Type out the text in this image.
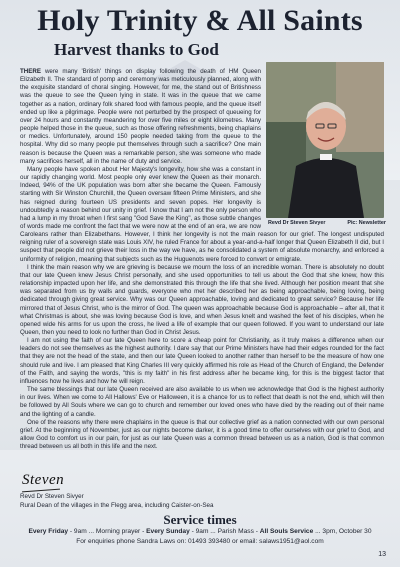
Holy Trinity & All Saints
Harvest thanks to God
Revd Dr Steven Sivyer	Pic: Newsletter

THERE were many 'British' things on display following the death of HM Queen Elizabeth II. The standard of pomp and ceremony was meticulously planned, along with the exquisite standard of choral singing. However, for me, the stand out of Britishness was the queue to see the Queen lying in state. It was in the queue that we came together as a nation, ordinary folk shared food with famous people, and the queue itself ended up like a pilgrimage. People were not perturbed by the prospect of queueing for over 24 hours and constantly meandering for over five miles or eight kilometres. Many people helped those in the queue, such as those offering refreshments, being chaplains or medics. Unfortunately, around 150 people needed taking from the queue to the hospital. Why did so many people put themselves through such a sacrifice? One main reason is because the Queen was a remarkable person, she was someone who made many sacrifices herself, all in the name of duty and service.

Many people have spoken about Her Majesty's longevity, how she was a constant in our rapidly changing world. Most people only ever knew the Queen as their monarch. Indeed, 94% of the UK population was born after she became the Queen. Famously starting with Sir Winston Churchill, the Queen oversaw fifteen Prime Ministers, and she has reigned during fourteen US presidents and seven popes. Her longevity is undoubtedly a reason behind our unity in grief. I know that I am not the only person who had a lump in my throat when I first sang "God Save the King", as those subtle changes of words made me confront the fact that we were now at the end of an era, we are now Caroleans rather than Elizabethans. However, I think her longevity is not the main reason for our grief. The longest undisputed reigning ruler of a sovereign state was Louis XIV, he ruled France for about a year-and-a-half longer that Queen Elizabeth II did, but I suspect that people did not grieve their loss in the way we have, as he consolidated a system of absolute monarchy, and enforced a uniformity of religion, meaning that subjects such as the Huguenots were forced to convert or emigrate.

I think the main reason why we are grieving is because we mourn the loss of an incredible woman. There is absolutely no doubt that our late Queen knew Jesus Christ personally, and she used opportunities to tell us about the God that she knew, how this relationship impacted upon her life, and she demonstrated this through the life that she lived. Although her position meant that she was separated from us by walls and guards, everyone who met her described her as being approachable, being loving, being dedicated through giving great service. Why was our Queen approachable, loving and dedicated to great service? Because her life mirrored that of Jesus Christ, who is the mirror of God. The queen was approachable because God is approachable – after all, that it what Christmas is about, she was loving because God is love, and when Jesus knelt and washed the feet of his disciples, when he opened wide his arms for us upon the cross, he lived a life of example that our queen followed. If you want to understand our late Queen, then you need to look no further than God in Christ Jesus.

I am not using the faith of our late Queen here to score a cheap point for Christianity, as it truly makes a difference when our leaders do not see themselves as the highest authority. I dare say that our Prime Ministers have had their edges rounded for the fact that they are not the head of the state, and then our late Queen looked to another rather than herself to be the measure of how one should rule and live. I am pleased that King Charles III very quickly affirmed his role as Head of the Church of England, the Defender of the Faith, and saying the words, "this is my faith" in his first address after he became king, for this is the biggest factor that influences how he lives and how he will reign.

The same blessings that our late Queen received are also available to us when we acknowledge that God is the highest authority in our lives. When we come to All Hallows' Eve or Halloween, it is a chance for us to reflect that death is not the end, which will then be followed by All Souls where we can go to church and remember our loved ones who have died by the reading out of their name and the lighting of a candle.

One of the reasons why there were chaplains in the queue is that our collective grief as a nation connected with our own personal grief. At the beginning of November, just as our nights become darker, it is a good time to offer ourselves with our grief to God, and allow God to comfort us in our pain, for just as our late Queen was a common thread between us as a nation, God is that common thread between us all both in this life and the next.

Steven
Revd Dr Steven Sivyer
Rural Dean of the villages in the Flegg area, including Caister-on-Sea
Service times
Every Friday - 9am ... Morning prayer - Every Sunday - 9am ... Parish Mass - All Souls Service ... 3pm, October 30
For enquiries phone Sandra Laws on: 01493 393480 or email: salaws1951@aol.com
13
